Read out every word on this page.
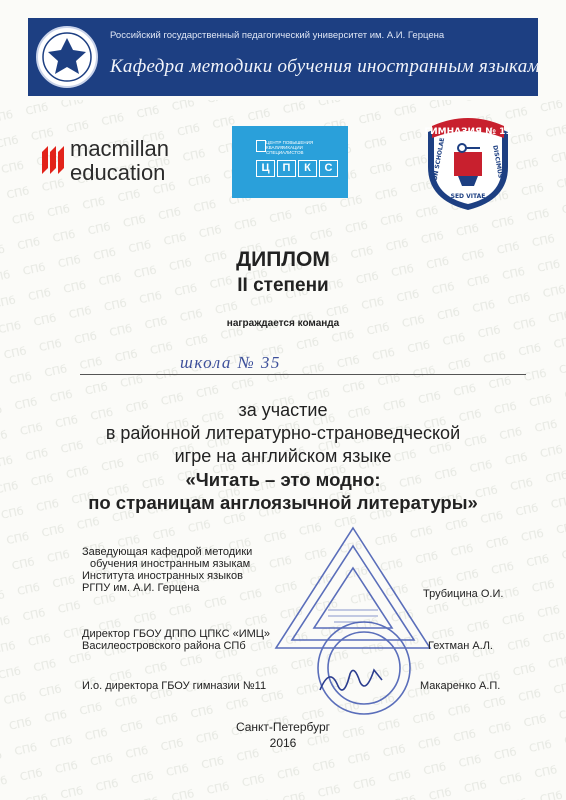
Российский государственный педагогический университет им. А.И. Герцена
Кафедра методики обучения иностранным языкам
macmillan
education
ЦЕНТР ПОВЫШЕНИЯ КВАЛИФИКАЦИИ СПЕЦИАЛИСТОВ
Ц П К С
ГИМНАЗИЯ № 11
NON SCHOLAE
SED VITAE
DISCIMUS
ДИПЛОМ
II степени
награждается команда
школа № 35
за участие
в районной литературно-страноведческой
игре на английском языке
«Читать – это модно:
по страницам англоязычной литературы»
Заведующая кафедрой методики
обучения иностранным языкам
Института иностранных языков
РГПУ им. А.И. Герцена	Трубицина О.И.
Директор ГБОУ ДППО ЦПКС «ИМЦ»
Василеостровского района СПб	Гехтман А.Л.
И.о. директора ГБОУ гимназии №11	Макаренко А.П.
Санкт-Петербург
2016
